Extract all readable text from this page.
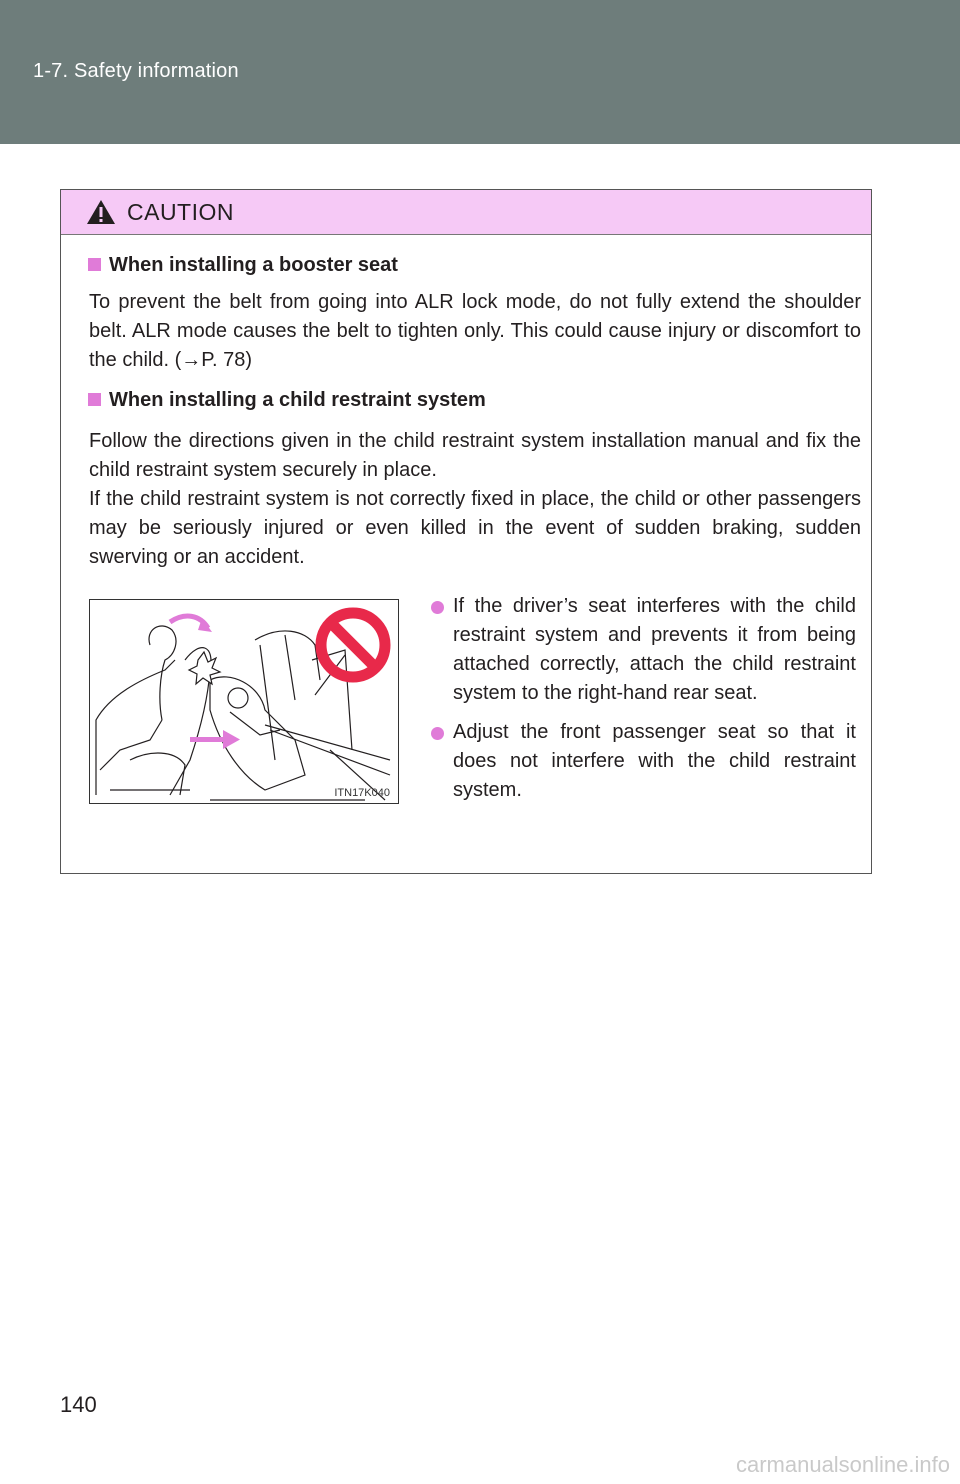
1-7. Safety information
CAUTION
When installing a booster seat
To prevent the belt from going into ALR lock mode, do not fully extend the shoulder belt. ALR mode causes the belt to tighten only. This could cause injury or discomfort to the child. (→P. 78)
When installing a child restraint system
Follow the directions given in the child restraint system installation manual and fix the child restraint system securely in place.
If the child restraint system is not correctly fixed in place, the child or other passengers may be seriously injured or even killed in the event of sudden braking, sudden swerving or an accident.
ITN17K040
If the driver’s seat interferes with the child restraint system and prevents it from being attached correctly, attach the child restraint system to the right-hand rear seat.
Adjust the front passenger seat so that it does not interfere with the child restraint system.
140
carmanualsonline.info
